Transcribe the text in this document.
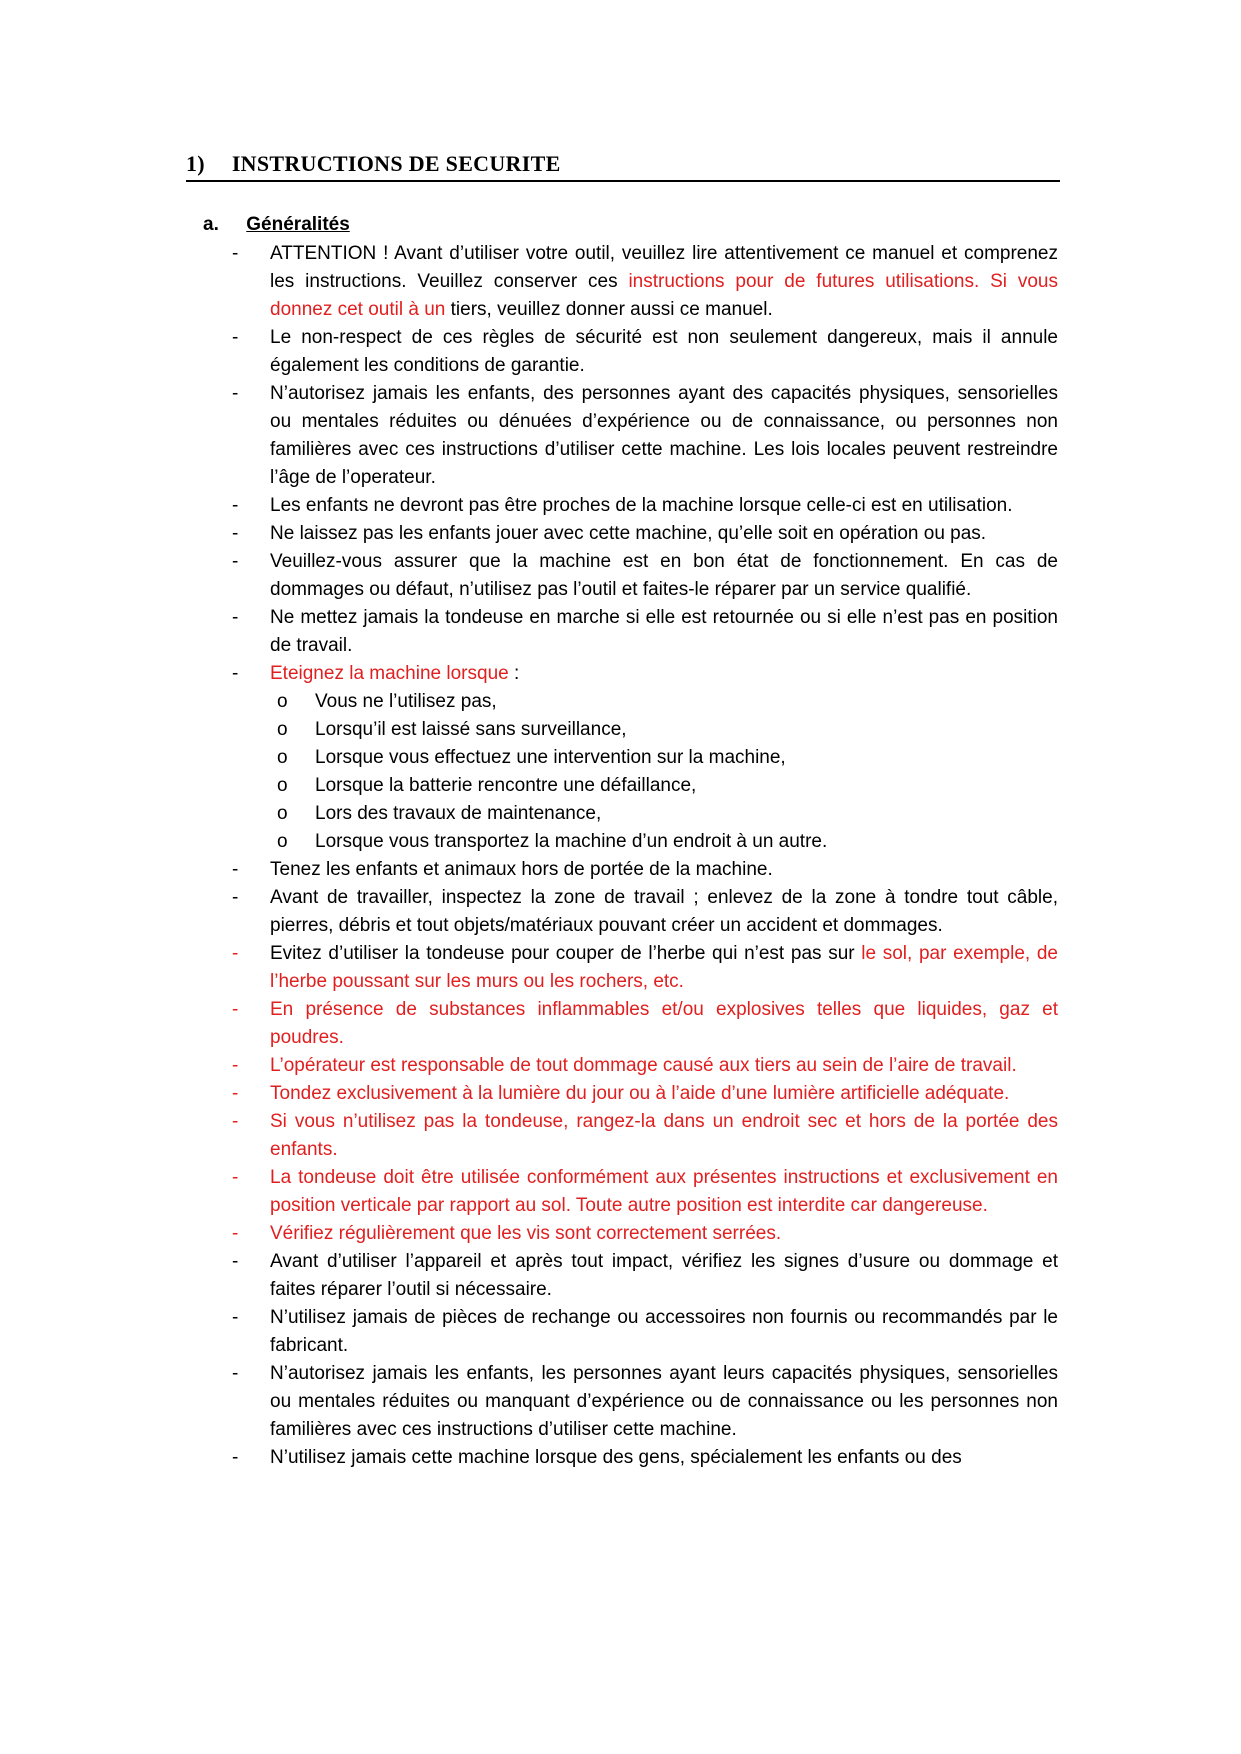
1) INSTRUCTIONS DE SECURITE
a. Généralités
- ATTENTION ! Avant d’utiliser votre outil, veuillez lire attentivement ce manuel et comprenez les instructions. Veuillez conserver ces instructions pour de futures utilisations. Si vous donnez cet outil à un tiers, veuillez donner aussi ce manuel.
- Le non-respect de ces règles de sécurité est non seulement dangereux, mais il annule également les conditions de garantie.
- N’autorisez jamais les enfants, des personnes ayant des capacités physiques, sensorielles ou mentales réduites ou dénuées d’expérience ou de connaissance, ou personnes non familières avec ces instructions d’utiliser cette machine. Les lois locales peuvent restreindre l’âge de l’operateur.
- Les enfants ne devront pas être proches de la machine lorsque celle-ci est en utilisation.
- Ne laissez pas les enfants jouer avec cette machine, qu’elle soit en opération ou pas.
- Veuillez-vous assurer que la machine est en bon état de fonctionnement. En cas de dommages ou défaut, n’utilisez pas l’outil et faites-le réparer par un service qualifié.
- Ne mettez jamais la tondeuse en marche si elle est retournée ou si elle n’est pas en position de travail.
- Eteignez la machine lorsque :
o Vous ne l’utilisez pas,
o Lorsqu’il est laissé sans surveillance,
o Lorsque vous effectuez une intervention sur la machine,
o Lorsque la batterie rencontre une défaillance,
o Lors des travaux de maintenance,
o Lorsque vous transportez la machine d’un endroit à un autre.
- Tenez les enfants et animaux hors de portée de la machine.
- Avant de travailler, inspectez la zone de travail ; enlevez de la zone à tondre tout câble, pierres, débris et tout objets/matériaux pouvant créer un accident et dommages.
- Evitez d’utiliser la tondeuse pour couper de l’herbe qui n’est pas sur le sol, par exemple, de l’herbe poussant sur les murs ou les rochers, etc.
- En présence de substances inflammables et/ou explosives telles que liquides, gaz et poudres.
- L’opérateur est responsable de tout dommage causé aux tiers au sein de l’aire de travail.
- Tondez exclusivement à la lumière du jour ou à l’aide d’une lumière artificielle adéquate.
- Si vous n’utilisez pas la tondeuse, rangez-la dans un endroit sec et hors de la portée des enfants.
- La tondeuse doit être utilisée conformément aux présentes instructions et exclusivement en position verticale par rapport au sol. Toute autre position est interdite car dangereuse.
- Vérifiez régulièrement que les vis sont correctement serrées.
- Avant d’utiliser l’appareil et après tout impact, vérifiez les signes d’usure ou dommage et faites réparer l’outil si nécessaire.
- N’utilisez jamais de pièces de rechange ou accessoires non fournis ou recommandés par le fabricant.
- N’autorisez jamais les enfants, les personnes ayant leurs capacités physiques, sensorielles ou mentales réduites ou manquant d’expérience ou de connaissance ou les personnes non familières avec ces instructions d’utiliser cette machine.
- N’utilisez jamais cette machine lorsque des gens, spécialement les enfants ou des
